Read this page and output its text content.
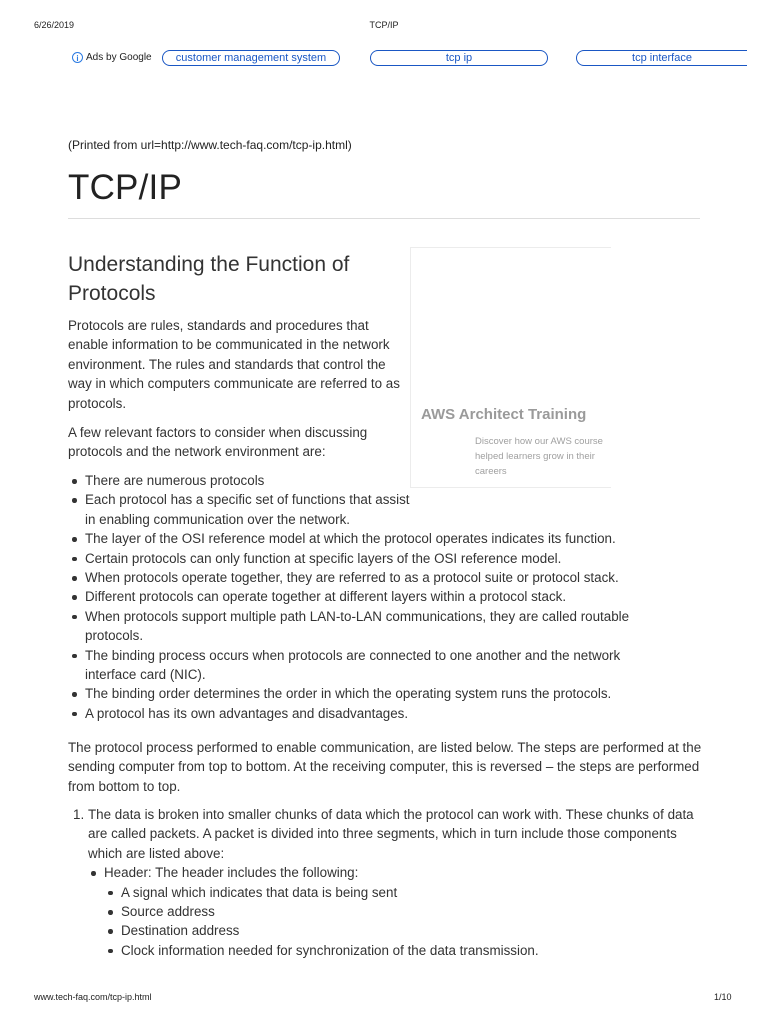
6/26/2019	TCP/IP
i Ads by Google	customer management system	tcp ip	tcp interface
(Printed from url=http://www.tech-faq.com/tcp-ip.html)
TCP/IP
Understanding the Function of Protocols

Protocols are rules, standards and procedures that enable information to be communicated in the network environment. The rules and standards that control the way in which computers communicate are referred to as protocols.

A few relevant factors to consider when discussing protocols and the network environment are:

AWS Architect Training
Discover how our AWS course helped learners grow in their careers
There are numerous protocols
Each protocol has a specific set of functions that assist in enabling communication over the network.
The layer of the OSI reference model at which the protocol operates indicates its function.
Certain protocols can only function at specific layers of the OSI reference model.
When protocols operate together, they are referred to as a protocol suite or protocol stack.
Different protocols can operate together at different layers within a protocol stack.
When protocols support multiple path LAN-to-LAN communications, they are called routable protocols.
The binding process occurs when protocols are connected to one another and the network interface card (NIC).
The binding order determines the order in which the operating system runs the protocols.
A protocol has its own advantages and disadvantages.

The protocol process performed to enable communication, are listed below. The steps are performed at the sending computer from top to bottom. At the receiving computer, this is reversed – the steps are performed from bottom to top.

1. The data is broken into smaller chunks of data which the protocol can work with. These chunks of data are called packets. A packet is divided into three segments, which in turn include those components which are listed above:
Header: The header includes the following:
A signal which indicates that data is being sent
Source address
Destination address
Clock information needed for synchronization of the data transmission.
www.tech-faq.com/tcp-ip.html	1/10
